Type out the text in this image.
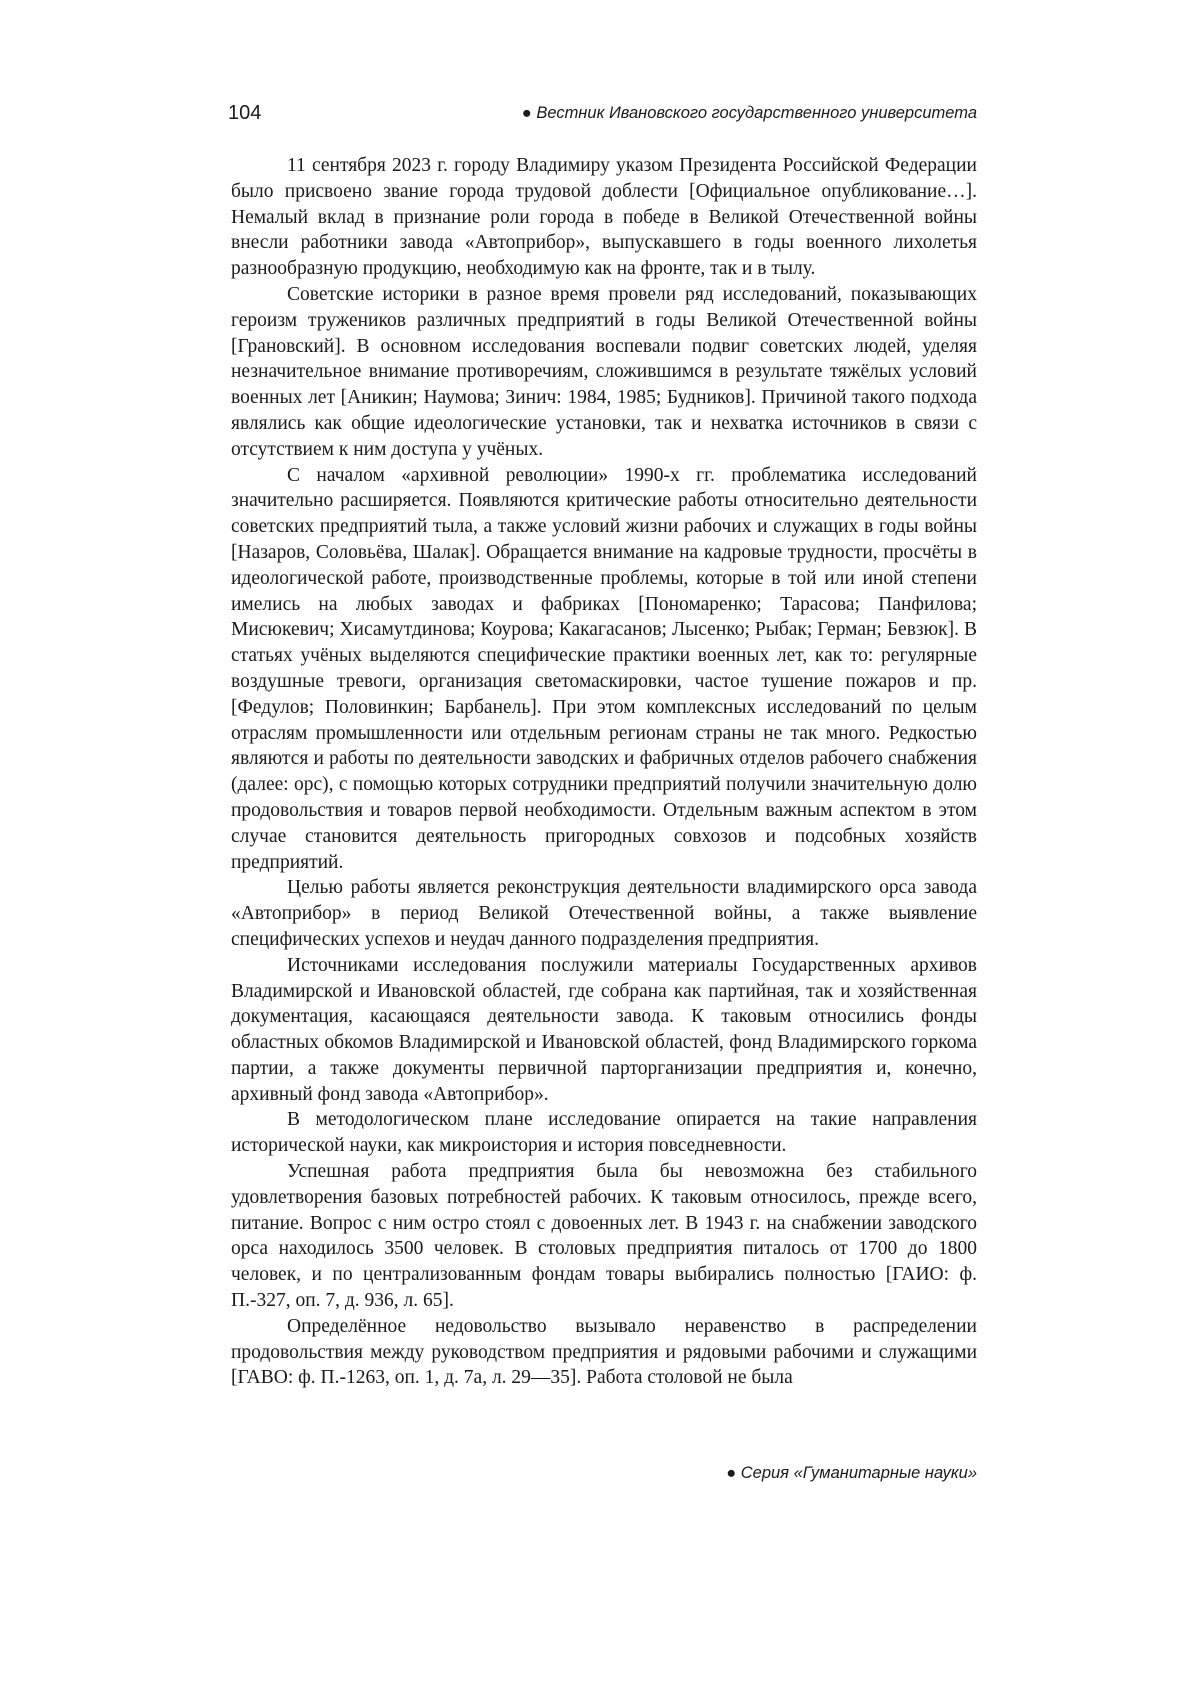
104	● Вестник Ивановского государственного университета

11 сентября 2023 г. городу Владимиру указом Президента Российской Федерации было присвоено звание города трудовой доблести [Официальное опубликование…]. Немалый вклад в признание роли города в победе в Великой Отечественной войны внесли работники завода «Автоприбор», выпускавшего в годы военного лихолетья разнообразную продукцию, необходимую как на фронте, так и в тылу.

Советские историки в разное время провели ряд исследований, показывающих героизм тружеников различных предприятий в годы Великой Отечественной войны [Грановский]. В основном исследования воспевали подвиг советских людей, уделяя незначительное внимание противоречиям, сложившимся в результате тяжёлых условий военных лет [Аникин; Наумова; Зинич: 1984, 1985; Будников]. Причиной такого подхода являлись как общие идеологические установки, так и нехватка источников в связи с отсутствием к ним доступа у учёных.

С началом «архивной революции» 1990-х гг. проблематика исследований значительно расширяется. Появляются критические работы относительно деятельности советских предприятий тыла, а также условий жизни рабочих и служащих в годы войны [Назаров, Соловьёва, Шалак]. Обращается внимание на кадровые трудности, просчёты в идеологической работе, производственные проблемы, которые в той или иной степени имелись на любых заводах и фабриках [Пономаренко; Тарасова; Панфилова; Мисюкевич; Хисамутдинова; Коурова; Какагасанов; Лысенко; Рыбак; Герман; Бевзюк]. В статьях учёных выделяются специфические практики военных лет, как то: регулярные воздушные тревоги, организация светомаскировки, частое тушение пожаров и пр. [Федулов; Половинкин; Барбанель]. При этом комплексных исследований по целым отраслям промышленности или отдельным регионам страны не так много. Редкостью являются и работы по деятельности заводских и фабричных отделов рабочего снабжения (далее: орс), с помощью которых сотрудники предприятий получили значительную долю продовольствия и товаров первой необходимости. Отдельным важным аспектом в этом случае становится деятельность пригородных совхозов и подсобных хозяйств предприятий.

Целью работы является реконструкция деятельности владимирского орса завода «Автоприбор» в период Великой Отечественной войны, а также выявление специфических успехов и неудач данного подразделения предприятия.

Источниками исследования послужили материалы Государственных архивов Владимирской и Ивановской областей, где собрана как партийная, так и хозяйственная документация, касающаяся деятельности завода. К таковым относились фонды областных обкомов Владимирской и Ивановской областей, фонд Владимирского горкома партии, а также документы первичной парторганизации предприятия и, конечно, архивный фонд завода «Автоприбор».

В методологическом плане исследование опирается на такие направления исторической науки, как микроистория и история повседневности.

Успешная работа предприятия была бы невозможна без стабильного удовлетворения базовых потребностей рабочих. К таковым относилось, прежде всего, питание. Вопрос с ним остро стоял с довоенных лет. В 1943 г. на снабжении заводского орса находилось 3500 человек. В столовых предприятия питалось от 1700 до 1800 человек, и по централизованным фондам товары выбирались полностью [ГАИО: ф. П.-327, оп. 7, д. 936, л. 65].

Определённое недовольство вызывало неравенство в распределении продовольствия между руководством предприятия и рядовыми рабочими и служащими [ГАВО: ф. П.-1263, оп. 1, д. 7а, л. 29—35]. Работа столовой не была

● Серия «Гуманитарные науки»
